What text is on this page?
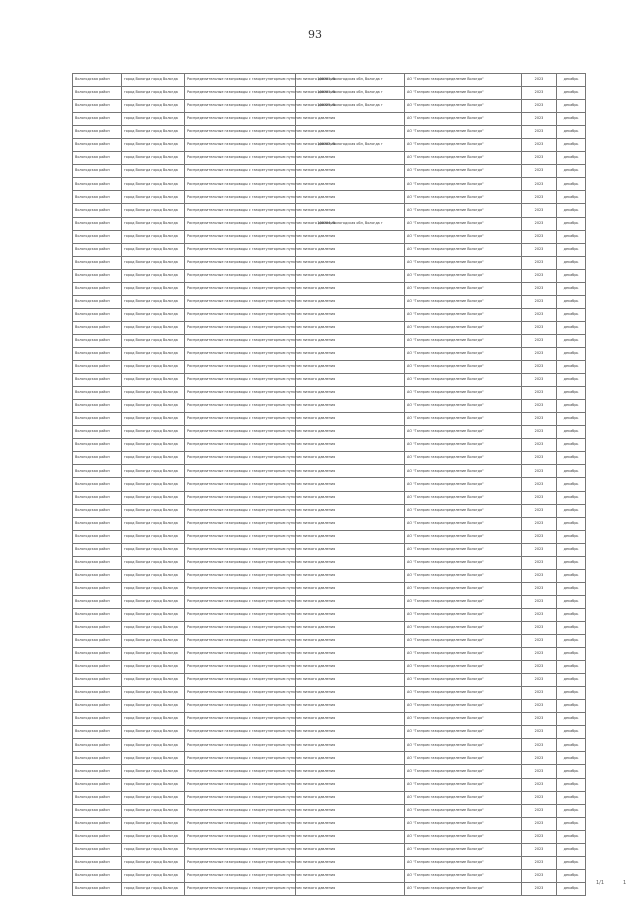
93
Вологодская район	город Вологда город Вологда	Распределительные газопроводы с газорегуляторным пунктом низкого давления	160001, Вологодская обл, Вологда г	АО "Газпром газораспределение Вологда"	2023	декабрь
Вологодская район	город Вологда город Вологда	Распределительные газопроводы с газорегуляторным пунктом низкого давления	160001, Вологодская обл, Вологда г	АО "Газпром газораспределение Вологда"	2023	декабрь
Вологодская район	город Вологда город Вологда	Распределительные газопроводы с газорегуляторным пунктом низкого давления	160025, Вологодская обл, Вологда г	АО "Газпром газораспределение Вологда"	2023	декабрь
Вологодская район	город Вологда город Вологда	Распределительные газопроводы с газорегуляторным пунктом низкого давления		АО "Газпром газораспределение Вологда"	2023	декабрь
Вологодская район	город Вологда город Вологда	Распределительные газопроводы с газорегуляторным пунктом низкого давления		АО "Газпром газораспределение Вологда"	2023	декабрь
Вологодская район	город Вологда город Вологда	Распределительные газопроводы с газорегуляторным пунктом низкого давления	160002, Вологодская обл, Вологда г	АО "Газпром газораспределение Вологда"	2023	декабрь
Вологодская район	город Вологда город Вологда	Распределительные газопроводы с газорегуляторным пунктом низкого давления		АО "Газпром газораспределение Вологда"	2023	декабрь
Вологодская район	город Вологда город Вологда	Распределительные газопроводы с газорегуляторным пунктом низкого давления		АО "Газпром газораспределение Вологда"	2023	декабрь
Вологодская район	город Вологда город Вологда	Распределительные газопроводы с газорегуляторным пунктом низкого давления		АО "Газпром газораспределение Вологда"	2023	декабрь
Вологодская район	город Вологда город Вологда	Распределительные газопроводы с газорегуляторным пунктом низкого давления		АО "Газпром газораспределение Вологда"	2023	декабрь
Вологодская район	город Вологда город Вологда	Распределительные газопроводы с газорегуляторным пунктом низкого давления		АО "Газпром газораспределение Вологда"	2023	декабрь
Вологодская район	город Вологда город Вологда	Распределительные газопроводы с газорегуляторным пунктом низкого давления	160004, Вологодская обл, Вологда г	АО "Газпром газораспределение Вологда"	2023	декабрь
Вологодская район	город Вологда город Вологда	Распределительные газопроводы с газорегуляторным пунктом низкого давления		АО "Газпром газораспределение Вологда"	2023	декабрь
Вологодская район	город Вологда город Вологда	Распределительные газопроводы с газорегуляторным пунктом низкого давления		АО "Газпром газораспределение Вологда"	2023	декабрь
Вологодская район	город Вологда город Вологда	Распределительные газопроводы с газорегуляторным пунктом низкого давления		АО "Газпром газораспределение Вологда"	2023	декабрь
Вологодская район	город Вологда город Вологда	Распределительные газопроводы с газорегуляторным пунктом низкого давления		АО "Газпром газораспределение Вологда"	2023	декабрь
Вологодская район	город Вологда город Вологда	Распределительные газопроводы с газорегуляторным пунктом низкого давления		АО "Газпром газораспределение Вологда"	2023	декабрь
Вологодская район	город Вологда город Вологда	Распределительные газопроводы с газорегуляторным пунктом низкого давления		АО "Газпром газораспределение Вологда"	2023	декабрь
Вологодская район	город Вологда город Вологда	Распределительные газопроводы с газорегуляторным пунктом низкого давления		АО "Газпром газораспределение Вологда"	2023	декабрь
Вологодская район	город Вологда город Вологда	Распределительные газопроводы с газорегуляторным пунктом низкого давления		АО "Газпром газораспределение Вологда"	2023	декабрь
Вологодская район	город Вологда город Вологда	Распределительные газопроводы с газорегуляторным пунктом низкого давления		АО "Газпром газораспределение Вологда"	2023	декабрь
Вологодская район	город Вологда город Вологда	Распределительные газопроводы с газорегуляторным пунктом низкого давления		АО "Газпром газораспределение Вологда"	2023	декабрь
Вологодская район	город Вологда город Вологда	Распределительные газопроводы с газорегуляторным пунктом низкого давления		АО "Газпром газораспределение Вологда"	2023	декабрь
Вологодская район	город Вологда город Вологда	Распределительные газопроводы с газорегуляторным пунктом низкого давления		АО "Газпром газораспределение Вологда"	2023	декабрь
Вологодская район	город Вологда город Вологда	Распределительные газопроводы с газорегуляторным пунктом низкого давления		АО "Газпром газораспределение Вологда"	2023	декабрь
Вологодская район	город Вологда город Вологда	Распределительные газопроводы с газорегуляторным пунктом низкого давления		АО "Газпром газораспределение Вологда"	2023	декабрь
Вологодская район	город Вологда город Вологда	Распределительные газопроводы с газорегуляторным пунктом низкого давления		АО "Газпром газораспределение Вологда"	2023	декабрь
Вологодская район	город Вологда город Вологда	Распределительные газопроводы с газорегуляторным пунктом низкого давления		АО "Газпром газораспределение Вологда"	2023	декабрь
Вологодская район	город Вологда город Вологда	Распределительные газопроводы с газорегуляторным пунктом низкого давления		АО "Газпром газораспределение Вологда"	2023	декабрь
Вологодская район	город Вологда город Вологда	Распределительные газопроводы с газорегуляторным пунктом низкого давления		АО "Газпром газораспределение Вологда"	2023	декабрь
Вологодская район	город Вологда город Вологда	Распределительные газопроводы с газорегуляторным пунктом низкого давления		АО "Газпром газораспределение Вологда"	2023	декабрь
Вологодская район	город Вологда город Вологда	Распределительные газопроводы с газорегуляторным пунктом низкого давления		АО "Газпром газораспределение Вологда"	2023	декабрь
Вологодская район	город Вологда город Вологда	Распределительные газопроводы с газорегуляторным пунктом низкого давления		АО "Газпром газораспределение Вологда"	2023	декабрь
Вологодская район	город Вологда город Вологда	Распределительные газопроводы с газорегуляторным пунктом низкого давления		АО "Газпром газораспределение Вологда"	2023	декабрь
Вологодская район	город Вологда город Вологда	Распределительные газопроводы с газорегуляторным пунктом низкого давления		АО "Газпром газораспределение Вологда"	2023	декабрь
Вологодская район	город Вологда город Вологда	Распределительные газопроводы с газорегуляторным пунктом низкого давления		АО "Газпром газораспределение Вологда"	2023	декабрь
Вологодская район	город Вологда город Вологда	Распределительные газопроводы с газорегуляторным пунктом низкого давления		АО "Газпром газораспределение Вологда"	2023	декабрь
Вологодская район	город Вологда город Вологда	Распределительные газопроводы с газорегуляторным пунктом низкого давления		АО "Газпром газораспределение Вологда"	2023	декабрь
Вологодская район	город Вологда город Вологда	Распределительные газопроводы с газорегуляторным пунктом низкого давления		АО "Газпром газораспределение Вологда"	2023	декабрь
Вологодская район	город Вологда город Вологда	Распределительные газопроводы с газорегуляторным пунктом низкого давления		АО "Газпром газораспределение Вологда"	2023	декабрь
Вологодская район	город Вологда город Вологда	Распределительные газопроводы с газорегуляторным пунктом низкого давления		АО "Газпром газораспределение Вологда"	2023	декабрь
Вологодская район	город Вологда город Вологда	Распределительные газопроводы с газорегуляторным пунктом низкого давления		АО "Газпром газораспределение Вологда"	2023	декабрь
Вологодская район	город Вологда город Вологда	Распределительные газопроводы с газорегуляторным пунктом низкого давления		АО "Газпром газораспределение Вологда"	2023	декабрь
Вологодская район	город Вологда город Вологда	Распределительные газопроводы с газорегуляторным пунктом низкого давления		АО "Газпром газораспределение Вологда"	2023	декабрь
Вологодская район	город Вологда город Вологда	Распределительные газопроводы с газорегуляторным пунктом низкого давления		АО "Газпром газораспределение Вологда"	2023	декабрь
Вологодская район	город Вологда город Вологда	Распределительные газопроводы с газорегуляторным пунктом низкого давления		АО "Газпром газораспределение Вологда"	2023	декабрь
Вологодская район	город Вологда город Вологда	Распределительные газопроводы с газорегуляторным пунктом низкого давления		АО "Газпром газораспределение Вологда"	2023	декабрь
Вологодская район	город Вологда город Вологда	Распределительные газопроводы с газорегуляторным пунктом низкого давления		АО "Газпром газораспределение Вологда"	2023	декабрь
Вологодская район	город Вологда город Вологда	Распределительные газопроводы с газорегуляторным пунктом низкого давления		АО "Газпром газораспределение Вологда"	2023	декабрь
Вологодская район	город Вологда город Вологда	Распределительные газопроводы с газорегуляторным пунктом низкого давления		АО "Газпром газораспределение Вологда"	2023	декабрь
Вологодская район	город Вологда город Вологда	Распределительные газопроводы с газорегуляторным пунктом низкого давления		АО "Газпром газораспределение Вологда"	2023	декабрь
Вологодская район	город Вологда город Вологда	Распределительные газопроводы с газорегуляторным пунктом низкого давления		АО "Газпром газораспределение Вологда"	2023	декабрь
Вологодская район	город Вологда город Вологда	Распределительные газопроводы с газорегуляторным пунктом низкого давления		АО "Газпром газораспределение Вологда"	2023	декабрь
Вологодская район	город Вологда город Вологда	Распределительные газопроводы с газорегуляторным пунктом низкого давления		АО "Газпром газораспределение Вологда"	2023	декабрь
Вологодская район	город Вологда город Вологда	Распределительные газопроводы с газорегуляторным пунктом низкого давления		АО "Газпром газораспределение Вологда"	2023	декабрь
Вологодская район	город Вологда город Вологда	Распределительные газопроводы с газорегуляторным пунктом низкого давления		АО "Газпром газораспределение Вологда"	2023	декабрь
Вологодская район	город Вологда город Вологда	Распределительные газопроводы с газорегуляторным пунктом низкого давления		АО "Газпром газораспределение Вологда"	2023	декабрь
Вологодская район	город Вологда город Вологда	Распределительные газопроводы с газорегуляторным пунктом низкого давления		АО "Газпром газораспределение Вологда"	2023	декабрь
Вологодская район	город Вологда город Вологда	Распределительные газопроводы с газорегуляторным пунктом низкого давления		АО "Газпром газораспределение Вологда"	2023	декабрь
Вологодская район	город Вологда город Вологда	Распределительные газопроводы с газорегуляторным пунктом низкого давления		АО "Газпром газораспределение Вологда"	2023	декабрь
Вологодская район	город Вологда город Вологда	Распределительные газопроводы с газорегуляторным пунктом низкого давления		АО "Газпром газораспределение Вологда"	2023	декабрь
Вологодская район	город Вологда город Вологда	Распределительные газопроводы с газорегуляторным пунктом низкого давления		АО "Газпром газораспределение Вологда"	2023	декабрь
Вологодская район	город Вологда город Вологда	Распределительные газопроводы с газорегуляторным пунктом низкого давления		АО "Газпром газораспределение Вологда"	2023	декабрь
1/1	1
